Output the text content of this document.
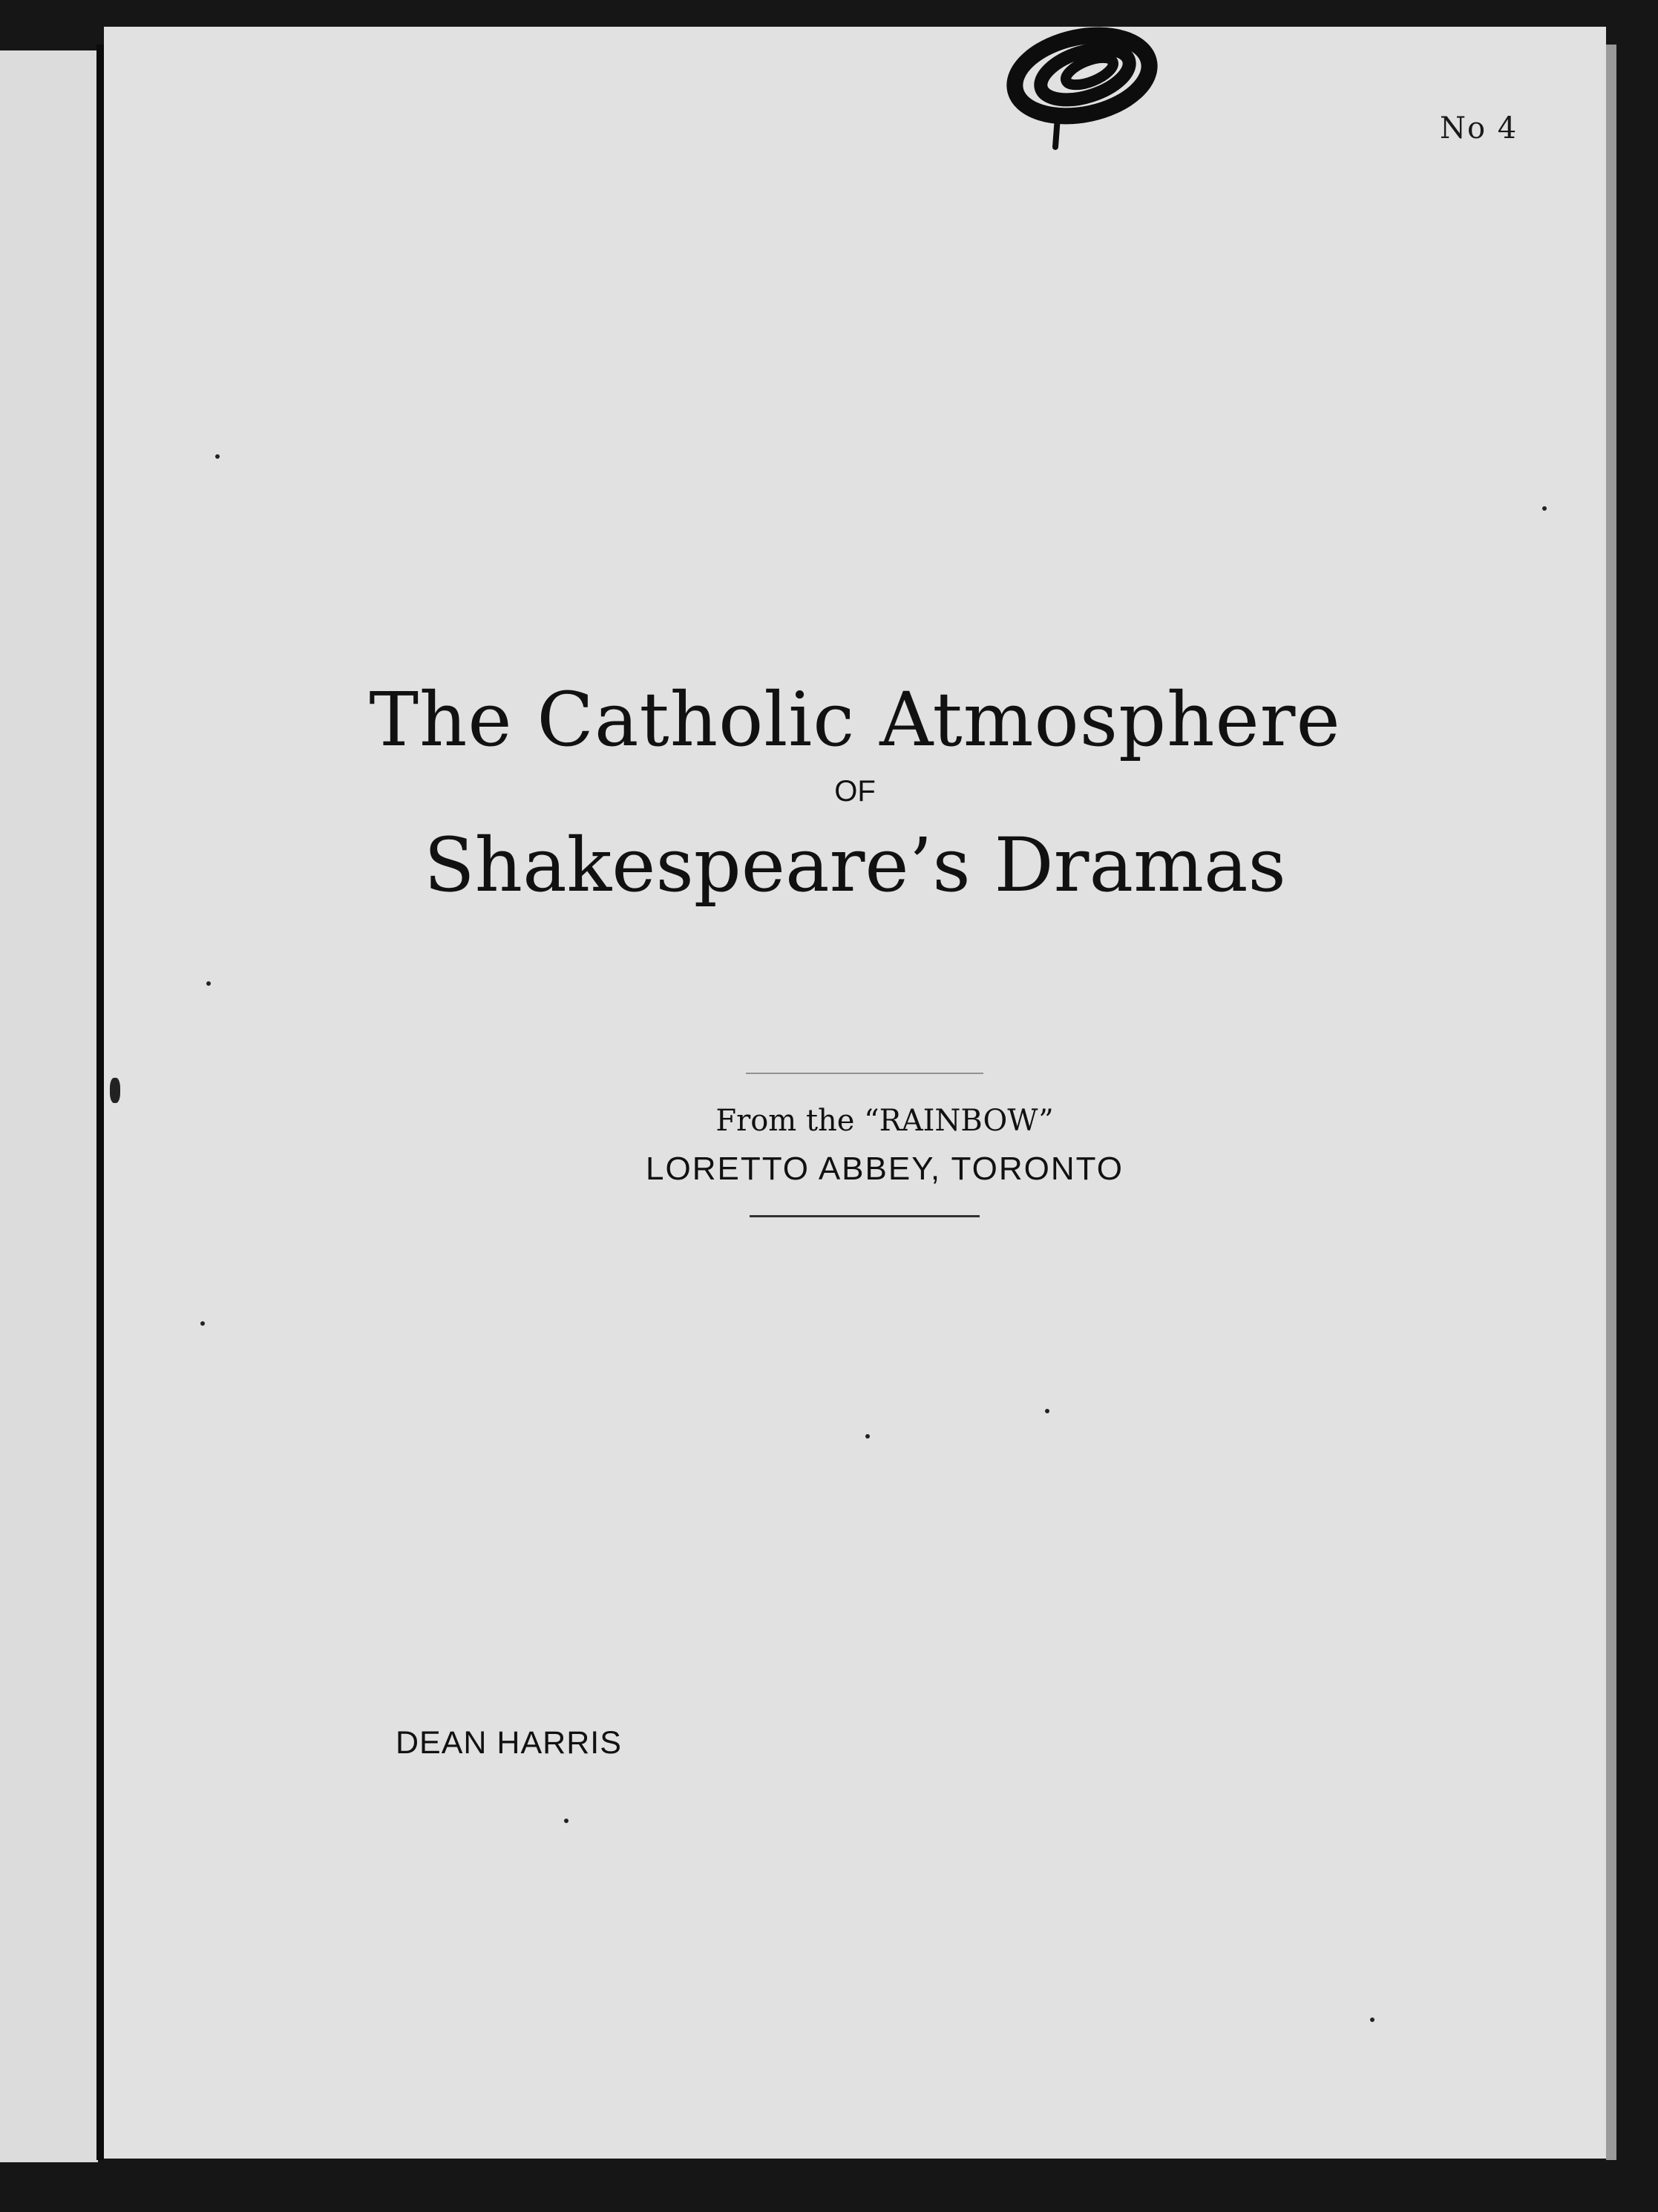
No 4
The Catholic Atmosphere
OF
Shakespeare’s Dramas
From the “RAINBOW”
LORETTO ABBEY, TORONTO
DEAN HARRIS
